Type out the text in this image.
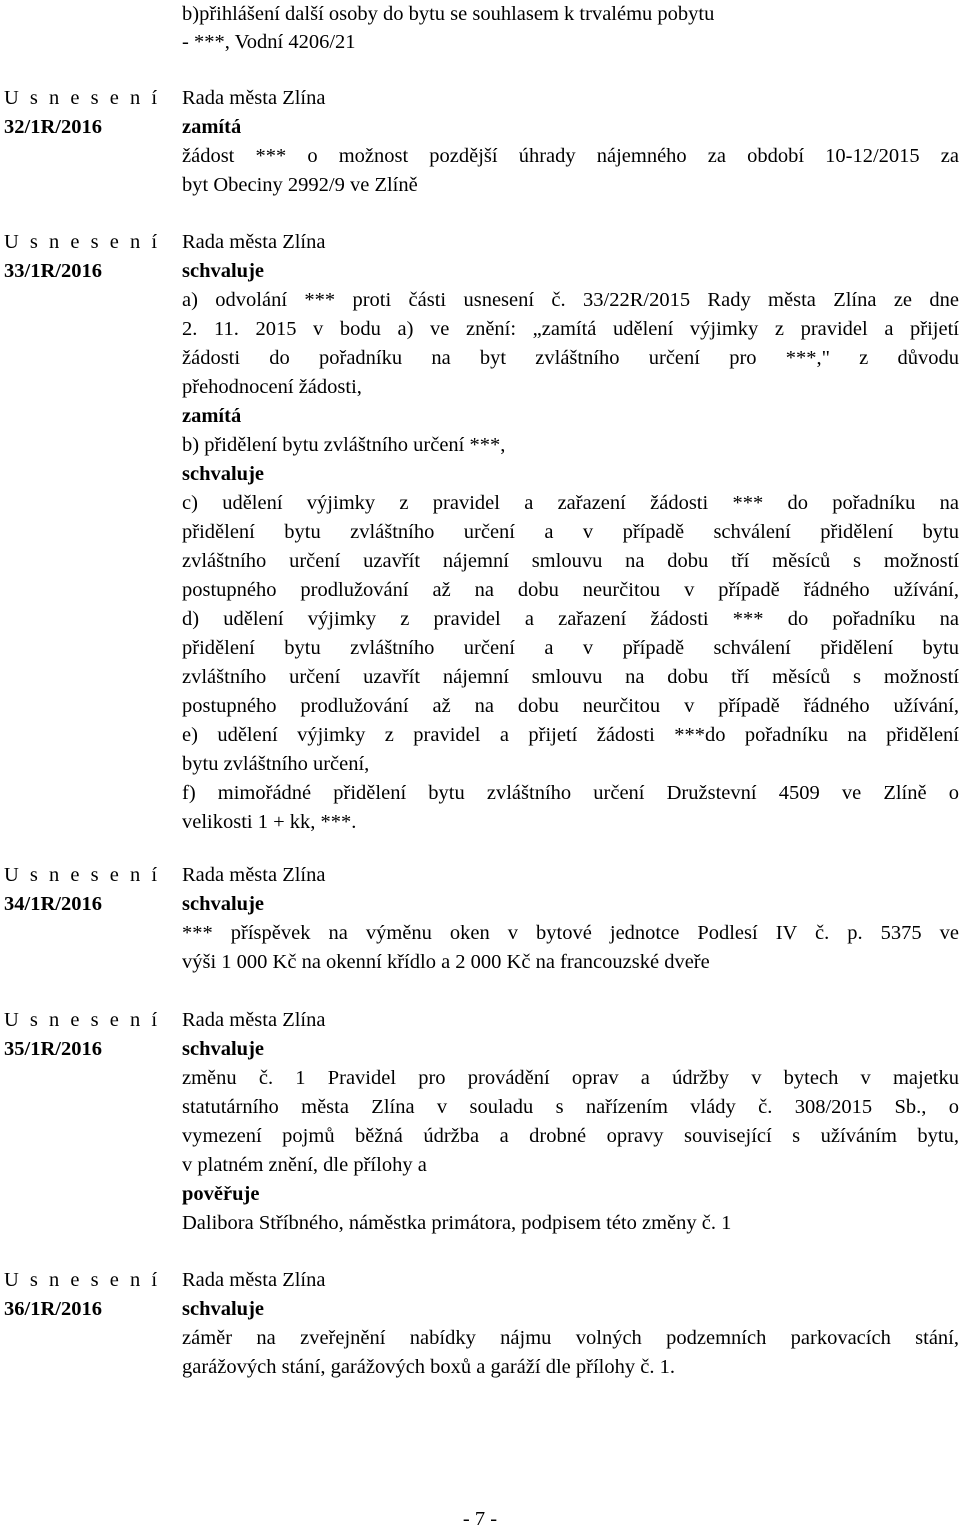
b)přihlášení další osoby do bytu se souhlasem k trvalému pobytu
- ***, Vodní 4206/21
U s n e s e n í
32/1R/2016
Rada města Zlína
zamítá
žádost *** o možnost pozdější úhrady nájemného za období 10-12/2015 za
byt Obeciny 2992/9 ve Zlíně
U s n e s e n í
33/1R/2016
Rada města Zlína
schvaluje
a) odvolání *** proti části usnesení č. 33/22R/2015 Rady města Zlína ze dne
2. 11. 2015 v bodu a) ve znění: „zamítá udělení výjimky z pravidel a přijetí
žádosti do pořadníku na byt zvláštního určení pro ***," z důvodu
přehodnocení žádosti,
zamítá
b) přidělení bytu zvláštního určení ***,
schvaluje
c) udělení výjimky z pravidel a zařazení žádosti *** do pořadníku na
přidělení bytu zvláštního určení a v případě schválení přidělení bytu
zvláštního určení uzavřít nájemní smlouvu na dobu tří měsíců s možností
postupného prodlužování až na dobu neurčitou v případě řádného užívání,
d) udělení výjimky z pravidel a zařazení žádosti *** do pořadníku na
přidělení bytu zvláštního určení a v případě schválení přidělení bytu
zvláštního určení uzavřít nájemní smlouvu na dobu tří měsíců s možností
postupného prodlužování až na dobu neurčitou v případě řádného užívání,
e) udělení výjimky z pravidel a přijetí žádosti ***do pořadníku na přidělení
bytu zvláštního určení,
f) mimořádné přidělení bytu zvláštního určení Družstevní 4509 ve Zlíně o
velikosti 1 + kk, ***.
U s n e s e n í
34/1R/2016
Rada města Zlína
schvaluje
*** příspěvek na výměnu oken v bytové jednotce Podlesí IV č. p. 5375 ve
výši 1 000 Kč na okenní křídlo a 2 000 Kč na francouzské dveře
U s n e s e n í
35/1R/2016
Rada města Zlína
schvaluje
změnu č. 1 Pravidel pro provádění oprav a údržby v bytech v majetku
statutárního města Zlína v souladu s nařízením vlády č. 308/2015 Sb., o
vymezení pojmů běžná údržba a drobné opravy související s užíváním bytu,
v platném znění, dle přílohy a
pověřuje
Dalibora Stříbného, náměstka primátora, podpisem této změny č. 1
U s n e s e n í
36/1R/2016
Rada města Zlína
schvaluje
záměr na zveřejnění nabídky nájmu volných podzemních parkovacích stání,
garážových stání, garážových boxů a garáží dle přílohy č. 1.
- 7 -
